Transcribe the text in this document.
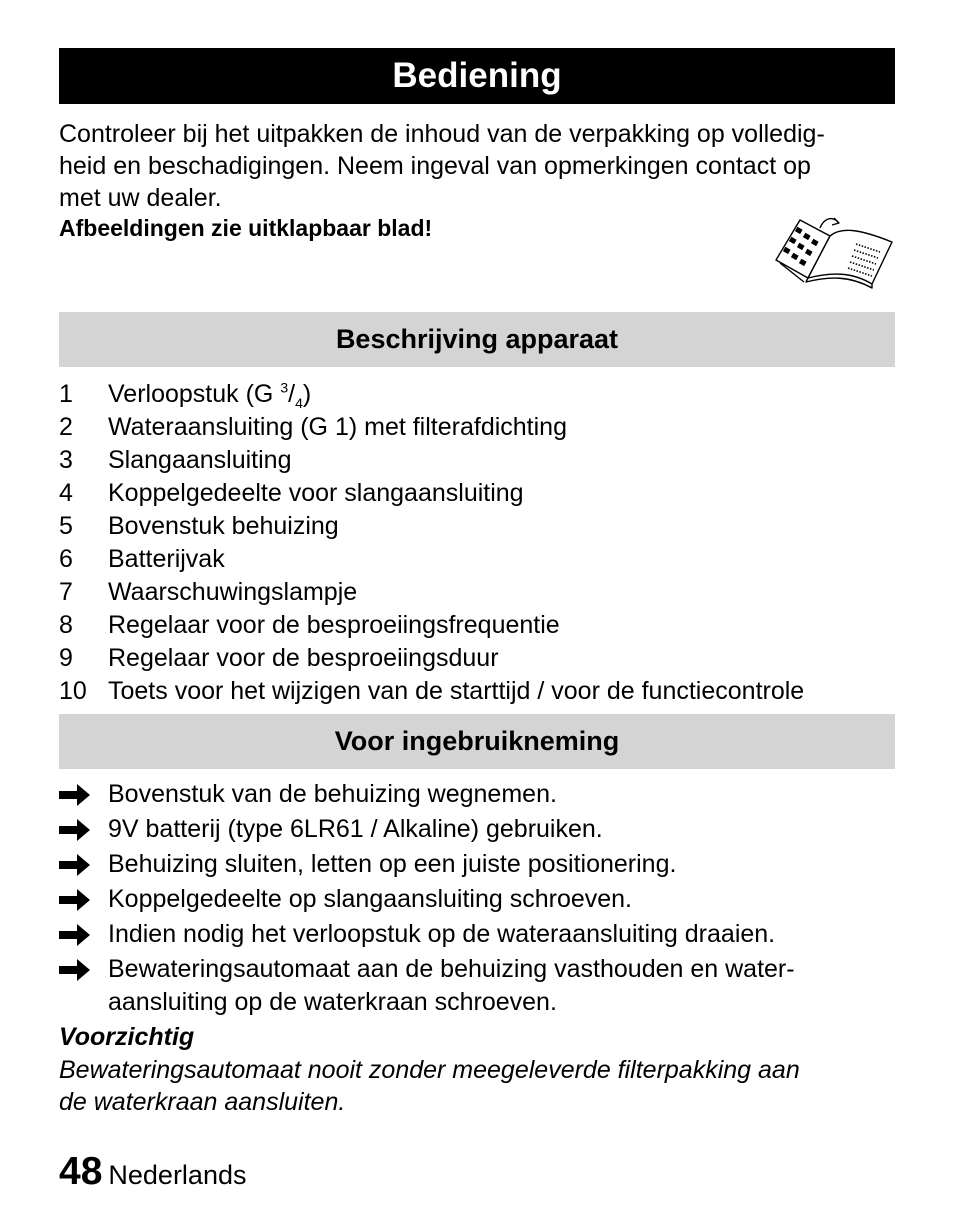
Bediening
Controleer bij het uitpakken de inhoud van de verpakking op volledig-
heid en beschadigingen. Neem ingeval van opmerkingen contact op
met uw dealer.
Afbeeldingen zie uitklapbaar blad!
Beschrijving apparaat
1	Verloopstuk (G $^3/_4$)
2	Wateraansluiting (G 1) met filterafdichting
3	Slangaansluiting
4	Koppelgedeelte voor slangaansluiting
5	Bovenstuk behuizing
6	Batterijvak
7	Waarschuwingslampje
8	Regelaar voor de besproeiingsfrequentie
9	Regelaar voor de besproeiingsduur
10 Toets voor het wijzigen van de starttijd / voor de functiecontrole
Voor ingebruikneming
Bovenstuk van de behuizing wegnemen.
9V batterij (type 6LR61 / Alkaline) gebruiken.
Behuizing sluiten, letten op een juiste positionering.
Koppelgedeelte op slangaansluiting schroeven.
Indien nodig het verloopstuk op de wateraansluiting draaien.
Bewateringsautomaat aan de behuizing vasthouden en water-
aansluiting op de waterkraan schroeven.
Voorzichtig
Bewateringsautomaat nooit zonder meegeleverde filterpakking aan
de waterkraan aansluiten.
48 Nederlands
